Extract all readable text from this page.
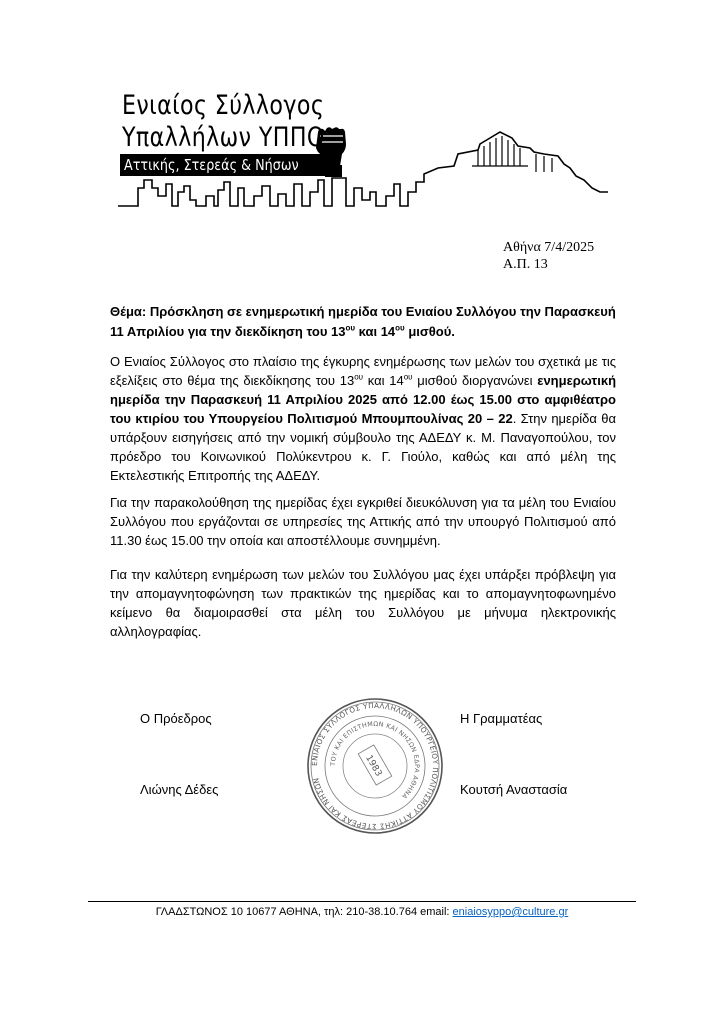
Ενιαίος Σύλλογος
Υπαλλήλων ΥΠΠΟ
Αττικής, Στερεάς & Νήσων
Αθήνα 7/4/2025
Α.Π. 13
Θέμα: Πρόσκληση σε ενημερωτική ημερίδα του Ενιαίου Συλλόγου την Παρασκευή 11 Απριλίου για την διεκδίκηση του $13^{o\upsilon}$ και $14^{o\upsilon}$ μισθού.
Ο Ενιαίος Σύλλογος στο πλαίσιο της έγκυρης ενημέρωσης των μελών του σχετικά με τις εξελίξεις στο θέμα της διεκδίκησης του $13^{o\upsilon}$ και $14^{o\upsilon}$ μισθού διοργανώνει ενημερωτική ημερίδα την Παρασκευή 11 Απριλίου 2025 από 12.00 έως 15.00 στο αμφιθέατρο του κτιρίου του Υπουργείου Πολιτισμού Μπουμπουλίνας 20 – 22. Στην ημερίδα θα υπάρξουν εισηγήσεις από την νομική σύμβουλο της ΑΔΕΔΥ κ. Μ. Παναγοπούλου, τον πρόεδρο του Κοινωνικού Πολύκεντρου κ. Γ. Γιούλο, καθώς και από μέλη της Εκτελεστικής Επιτροπής της ΑΔΕΔΥ.
Για την παρακολούθηση της ημερίδας έχει εγκριθεί διευκόλυνση για τα μέλη του Ενιαίου Συλλόγου που εργάζονται σε υπηρεσίες της Αττικής από την υπουργό Πολιτισμού από 11.30 έως 15.00 την οποία και αποστέλλουμε συνημμένη.
Για την καλύτερη ενημέρωση των μελών του Συλλόγου μας έχει υπάρξει πρόβλεψη για την απομαγνητοφώνηση των πρακτικών της ημερίδας και το απομαγνητοφωνημένο κείμενο θα διαμοιρασθεί στα μέλη του Συλλόγου με μήνυμα ηλεκτρονικής αλληλογραφίας.
Ο Πρόεδρος
Λιώνης Δέδες
Η Γραμματέας
Κουτσή Αναστασία
ΕΝΙΑΙΟΣ ΣΥΛΛΟΓΟΣ ΥΠΑΛΛΗΛΩΝ ΥΠΟΥΡΓΕΙΟΥ ΠΟΛΙΤΙΣΜΟΥ ΑΤΤΙΚΗΣ ΣΤΕΡΕΑΣ ΚΑΙ ΝΗΣΩΝ
ΤΟΥ ΚΑΙ ΕΠΙΣΤΗΜΩΝ ΚΑΙ ΝΗΣΩΝ ΕΔΡΑ ΑΘΗΝΑ
1983
ΓΛΑΔΣΤΩΝΟΣ 10 10677 ΑΘΗΝΑ, τηλ: 210-38.10.764 email: eniaiosyppo@culture.gr
